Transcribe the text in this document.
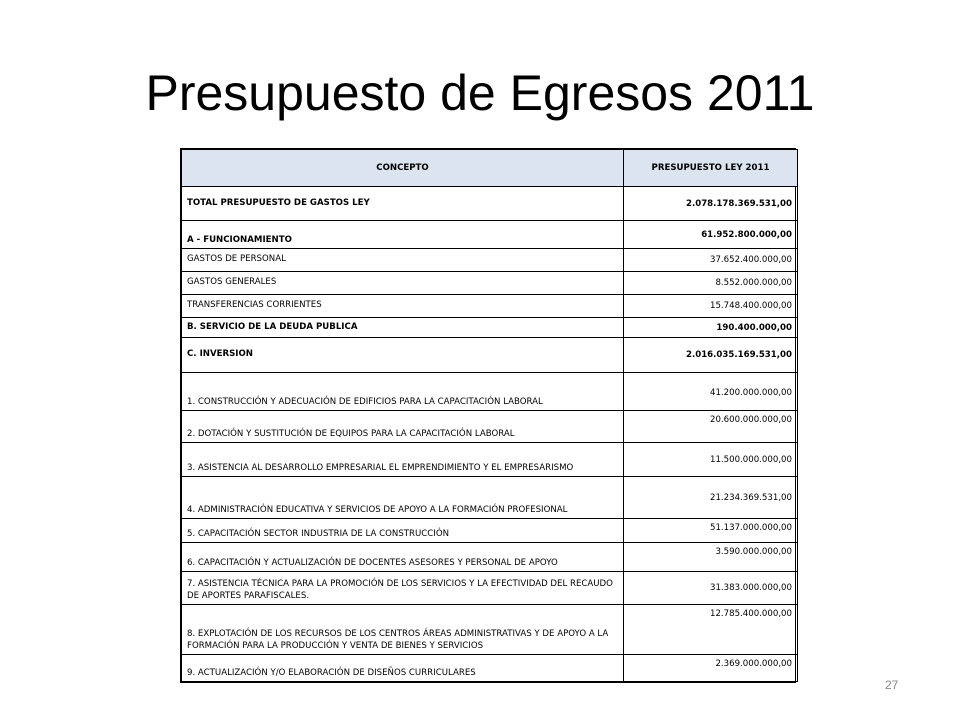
Presupuesto de Egresos 2011
CONCEPTO	PRESUPUESTO LEY 2011
TOTAL PRESUPUESTO DE GASTOS LEY	2.078.178.369.531,00
A - FUNCIONAMIENTO	61.952.800.000,00
GASTOS DE PERSONAL	37.652.400.000,00
GASTOS GENERALES	8.552.000.000,00
TRANSFERENCIAS CORRIENTES	15.748.400.000,00
B. SERVICIO DE LA DEUDA PUBLICA	190.400.000,00
C. INVERSION	2.016.035.169.531,00
1. CONSTRUCCIÓN Y ADECUACIÓN DE EDIFICIOS PARA LA CAPACITACIÓN LABORAL	41.200.000.000,00
2. DOTACIÓN Y SUSTITUCIÓN DE EQUIPOS PARA LA CAPACITACIÓN LABORAL	20.600.000.000,00
3. ASISTENCIA AL DESARROLLO EMPRESARIAL EL EMPRENDIMIENTO Y EL EMPRESARISMO	11.500.000.000,00
4. ADMINISTRACIÓN EDUCATIVA Y SERVICIOS DE APOYO A LA FORMACIÓN PROFESIONAL	21.234.369.531,00
5. CAPACITACIÓN SECTOR INDUSTRIA DE LA CONSTRUCCIÓN	51.137.000.000,00
6. CAPACITACIÓN Y ACTUALIZACIÓN DE DOCENTES ASESORES Y PERSONAL DE APOYO	3.590.000.000,00
7. ASISTENCIA TÉCNICA PARA LA PROMOCIÓN DE LOS SERVICIOS Y LA EFECTIVIDAD DEL RECAUDO DE APORTES PARAFISCALES.	31.383.000.000,00
8. EXPLOTACIÓN DE LOS RECURSOS DE LOS CENTROS ÁREAS ADMINISTRATIVAS Y DE APOYO A LA FORMACIÓN PARA LA PRODUCCIÓN Y VENTA DE BIENES Y SERVICIOS	12.785.400.000,00
9. ACTUALIZACIÓN Y/O ELABORACIÓN DE DISEÑOS CURRICULARES	2.369.000.000,00
27
